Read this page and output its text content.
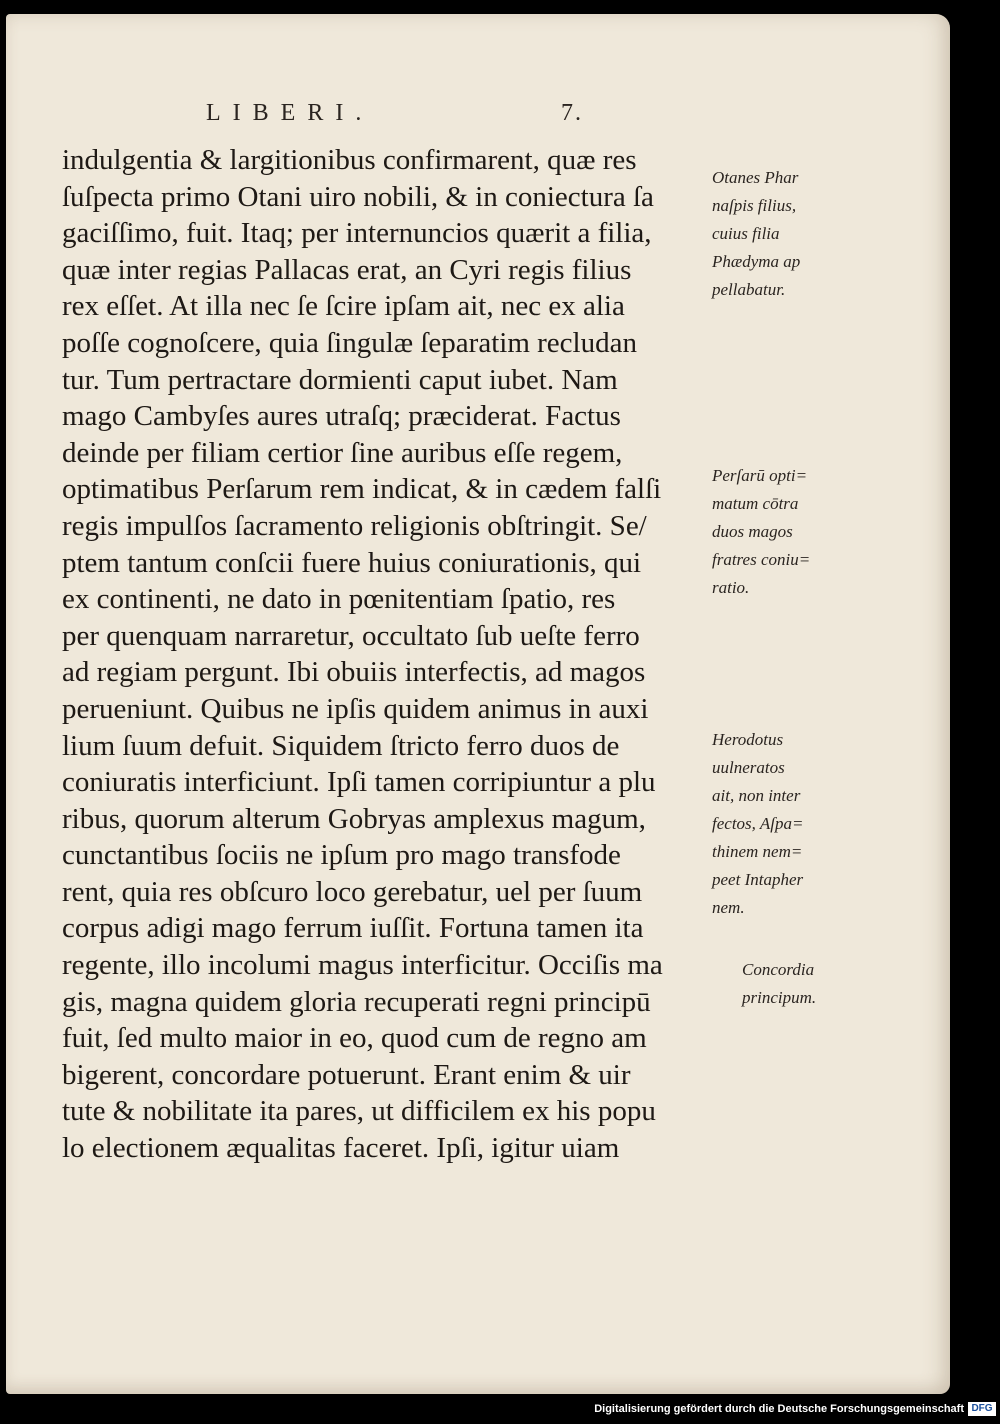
LIBERI.	7.
indulgentia & largitionibus confirmarent, quæ res
ſuſpecta primo Otani uiro nobili, & in coniectura ſa
gaciſſimo, fuit. Itaq; per internuncios quærit a filia,
quæ inter regias Pallacas erat, an Cyri regis filius
rex eſſet. At illa nec ſe ſcire ipſam ait, nec ex alia
poſſe cognoſcere, quia ſingulæ ſeparatim recludan
tur. Tum pertractare dormienti caput iubet. Nam
mago Cambyſes aures utraſq; præciderat. Factus
deinde per filiam certior ſine auribus eſſe regem,
optimatibus Perſarum rem indicat, & in cædem falſi
regis impulſos ſacramento religionis obſtringit. Se/
ptem tantum conſcii fuere huius coniurationis, qui
ex continenti, ne dato in pœnitentiam ſpatio, res
per quenquam narraretur, occultato ſub ueſte ferro
ad regiam pergunt. Ibi obuiis interfectis, ad magos
perueniunt. Quibus ne ipſis quidem animus in auxi
lium ſuum defuit. Siquidem ſtricto ferro duos de
coniuratis interficiunt. Ipſi tamen corripiuntur a plu
ribus, quorum alterum Gobryas amplexus magum,
cunctantibus ſociis ne ipſum pro mago transfode
rent, quia res obſcuro loco gerebatur, uel per ſuum
corpus adigi mago ferrum iuſſit. Fortuna tamen ita
regente, illo incolumi magus interficitur. Occiſis ma
gis, magna quidem gloria recuperati regni principū
fuit, ſed multo maior in eo, quod cum de regno am
bigerent, concordare potuerunt. Erant enim & uir
tute & nobilitate ita pares, ut difficilem ex his popu
lo electionem æqualitas faceret. Ipſi, igitur uiam
Otanes Phar
naſpis filius,
cuius filia
Phædyma ap
pellabatur.
Perſarū opti=
matum cōtra
duos magos
fratres coniu=
ratio.
Herodotus
uulneratos
ait, non inter
fectos, Aſpa=
thinem nem=
peet Intapher
nem.
Concordia
principum.
Digitalisierung gefördert durch die Deutsche Forschungsgemeinschaft DFG
